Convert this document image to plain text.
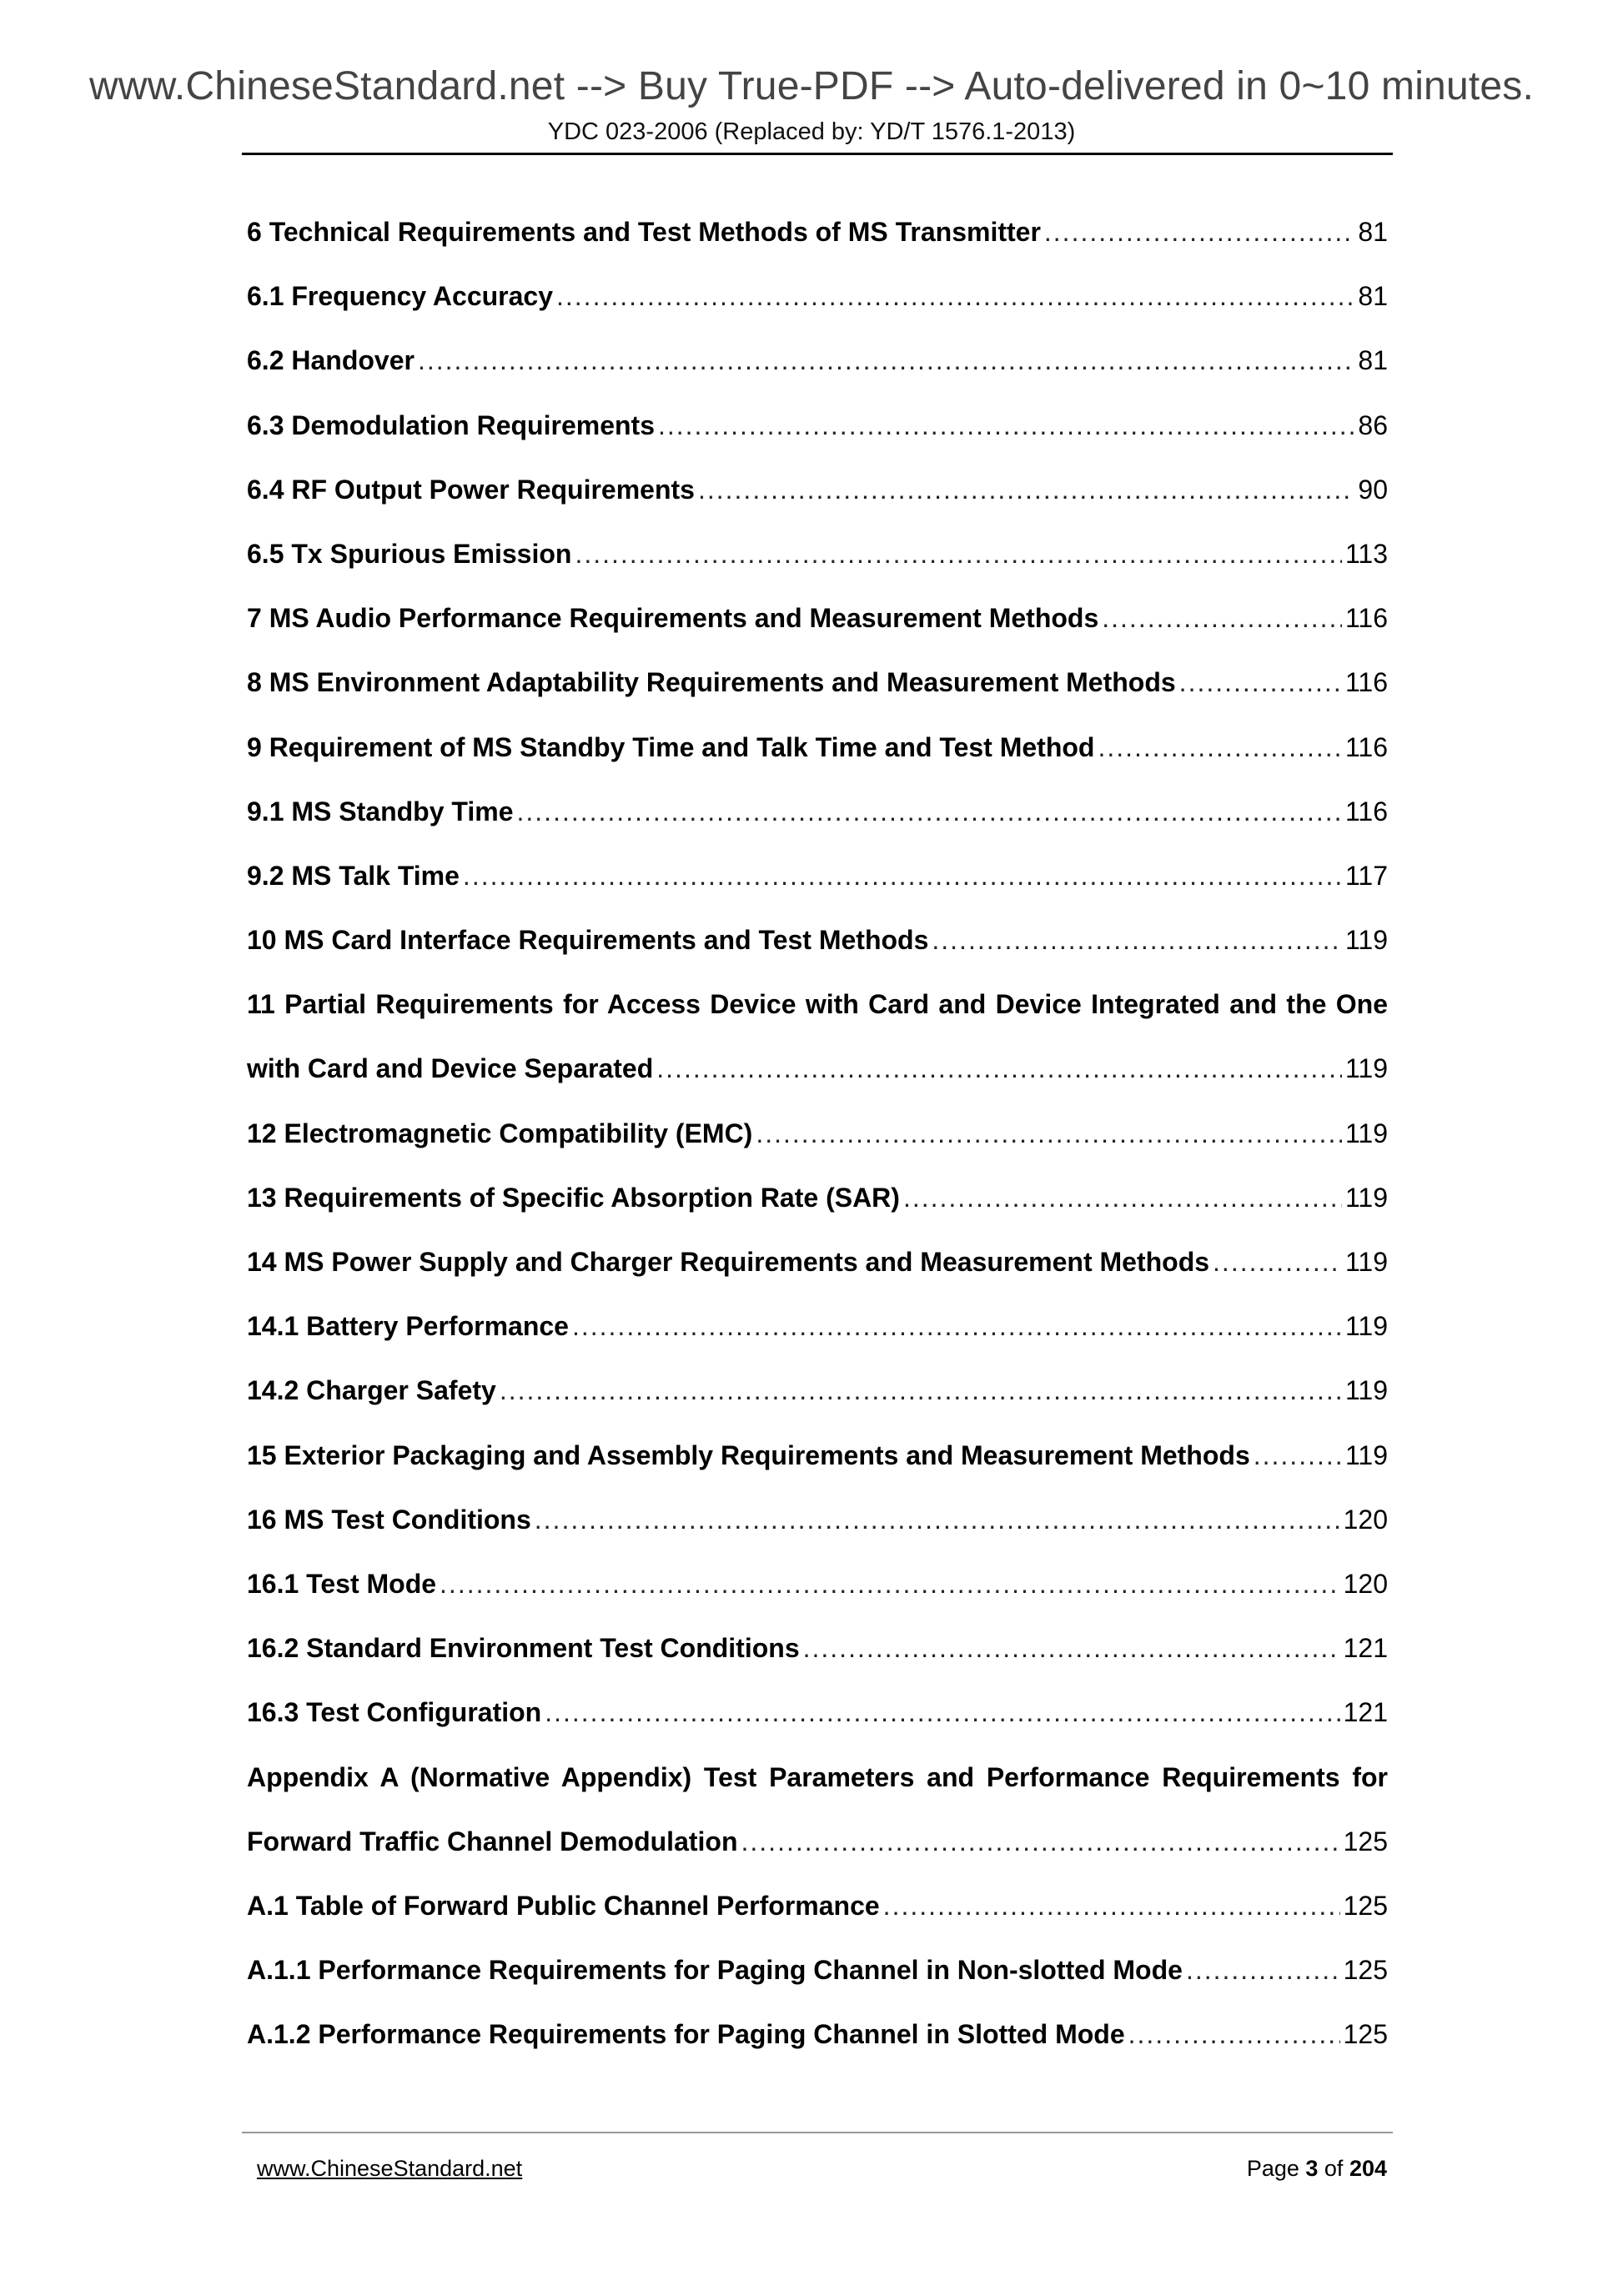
www.ChineseStandard.net --> Buy True-PDF --> Auto-delivered in 0~10 minutes.
YDC 023-2006 (Replaced by: YD/T 1576.1-2013)
6 Technical Requirements and Test Methods of MS Transmitter .....	81
6.1 Frequency Accuracy .....	81
6.2 Handover .....	81
6.3 Demodulation Requirements .....	86
6.4 RF Output Power Requirements .....	90
6.5 Tx Spurious Emission .....	113
7 MS Audio Performance Requirements and Measurement Methods .....	116
8 MS Environment Adaptability Requirements and Measurement Methods .....	116
9 Requirement of MS Standby Time and Talk Time and Test Method .....	116
9.1 MS Standby Time .....	116
9.2 MS Talk Time .....	117
10 MS Card Interface Requirements and Test Methods .....	119
11 Partial Requirements for Access Device with Card and Device Integrated and the One
with Card and Device Separated .....	119
12 Electromagnetic Compatibility (EMC) .....	119
13 Requirements of Specific Absorption Rate (SAR) .....	119
14 MS Power Supply and Charger Requirements and Measurement Methods .....	119
14.1 Battery Performance .....	119
14.2 Charger Safety .....	119
15 Exterior Packaging and Assembly Requirements and Measurement Methods .....	119
16 MS Test Conditions .....	120
16.1 Test Mode .....	120
16.2 Standard Environment Test Conditions .....	121
16.3 Test Configuration .....	121
Appendix A (Normative Appendix) Test Parameters and Performance Requirements for
Forward Traffic Channel Demodulation .....	125
A.1 Table of Forward Public Channel Performance .....	125
A.1.1 Performance Requirements for Paging Channel in Non-slotted Mode .....	125
A.1.2 Performance Requirements for Paging Channel in Slotted Mode .....	125
www.ChineseStandard.net	Page 3 of 204
